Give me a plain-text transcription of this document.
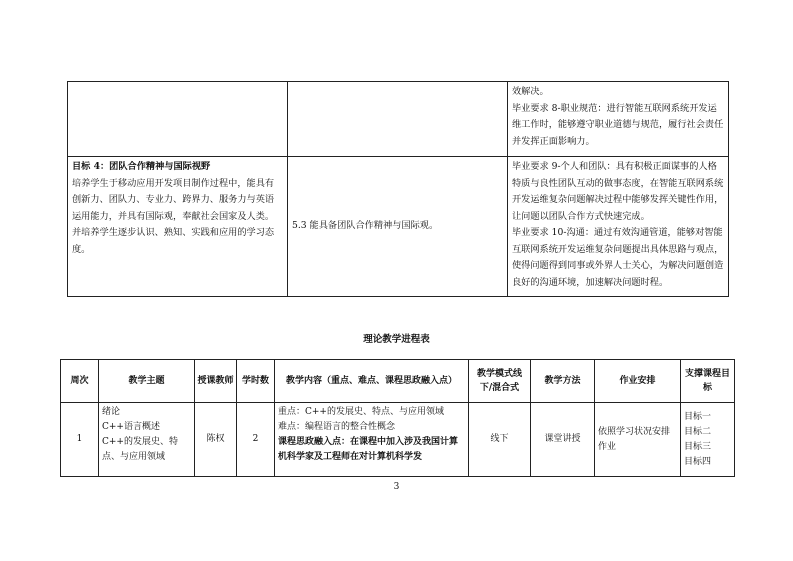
		效解决。
毕业要求 8-职业规范：进行智能互联网系统开发运维工作时，能够遵守职业道德与规范，履行社会责任并发挥正面影响力。

目标 4：团队合作精神与国际视野
培养学生于移动应用开发项目制作过程中，能具有 创新力、团队力、专业力、跨界力、服务力与英语 运用能力，并具有国际观，奉献社会国家及人类。 并培养学生逐步认识、熟知、实践和应用的学习态 度。	5.3 能具备团队合作精神与国际观。	毕业要求 9-个人和团队：具有积极正面谋事的人格特质与良性团队互动的做事态度，在智能互联网系统开发运维复杂问题解决过程中能够发挥关键性作用，让问题以团队合作方式快速完成。
毕业要求 10-沟通：通过有效沟通管道，能够对智能互联网系统开发运维复杂问题提出具体思路与观点，使得问题得到同事或外界人士关心，为解决问题创造良好的沟通环境，加速解决问题时程。
理论教学进程表
周次	教学主题	授课教师	学时数	教学内容（重点、难点、课程思政融入点）	教学模式线下/混合式	教学方法	作业安排	支撑课程目标
1	绪论
C++语言概述
C++的发展史、特点、与应用领域	陈权	2	重点：C++的发展史、特点、与应用领域
难点：编程语言的整合性概念
课程思政融入点：在课程中加入涉及我国计算机科学家及工程师在对计算机科学发	线下	课堂讲授	依照学习状况安排作业	目标一
目标二
目标三
目标四
3
